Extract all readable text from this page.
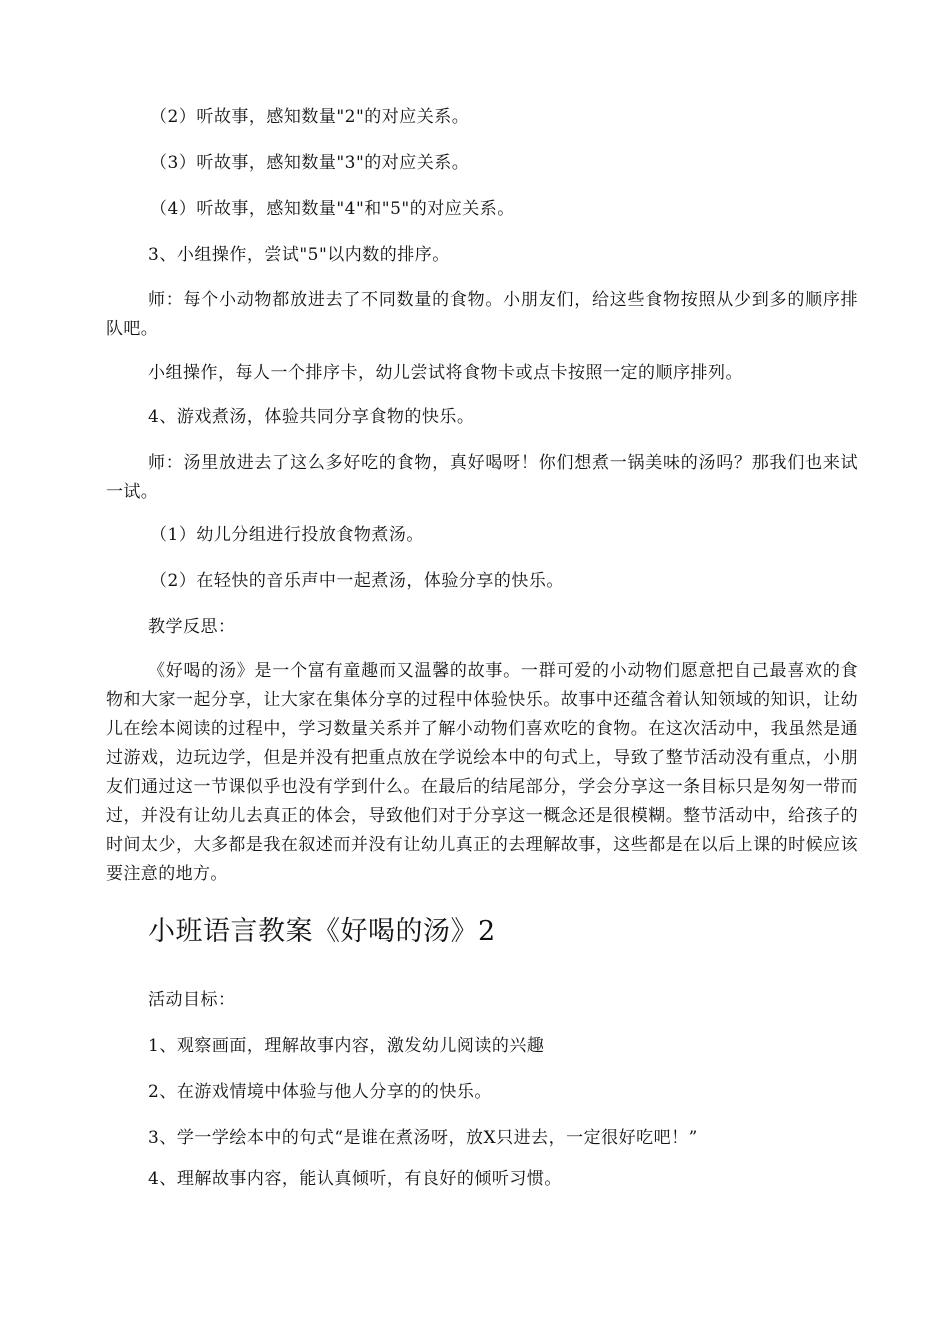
（2）听故事，感知数量"2"的对应关系。
（3）听故事，感知数量"3"的对应关系。
（4）听故事，感知数量"4"和"5"的对应关系。
3、小组操作，尝试"5"以内数的排序。
师：每个小动物都放进去了不同数量的食物。小朋友们，给这些食物按照从少到多的顺序排队吧。
小组操作，每人一个排序卡，幼儿尝试将食物卡或点卡按照一定的顺序排列。
4、游戏煮汤，体验共同分享食物的快乐。
师：汤里放进去了这么多好吃的食物，真好喝呀！你们想煮一锅美味的汤吗？那我们也来试一试。
（1）幼儿分组进行投放食物煮汤。
（2）在轻快的音乐声中一起煮汤，体验分享的快乐。
教学反思：
《好喝的汤》是一个富有童趣而又温馨的故事。一群可爱的小动物们愿意把自己最喜欢的食物和大家一起分享，让大家在集体分享的过程中体验快乐。故事中还蕴含着认知领域的知识，让幼儿在绘本阅读的过程中，学习数量关系并了解小动物们喜欢吃的食物。在这次活动中，我虽然是通过游戏，边玩边学，但是并没有把重点放在学说绘本中的句式上，导致了整节活动没有重点，小朋友们通过这一节课似乎也没有学到什么。在最后的结尾部分，学会分享这一条目标只是匆匆一带而过，并没有让幼儿去真正的体会，导致他们对于分享这一概念还是很模糊。整节活动中，给孩子的时间太少，大多都是我在叙述而并没有让幼儿真正的去理解故事，这些都是在以后上课的时候应该要注意的地方。
小班语言教案《好喝的汤》2
活动目标：
1、观察画面，理解故事内容，激发幼儿阅读的兴趣
2、在游戏情境中体验与他人分享的的快乐。
3、学一学绘本中的句式“是谁在煮汤呀，放X只进去，一定很好吃吧！”
4、理解故事内容，能认真倾听，有良好的倾听习惯。
